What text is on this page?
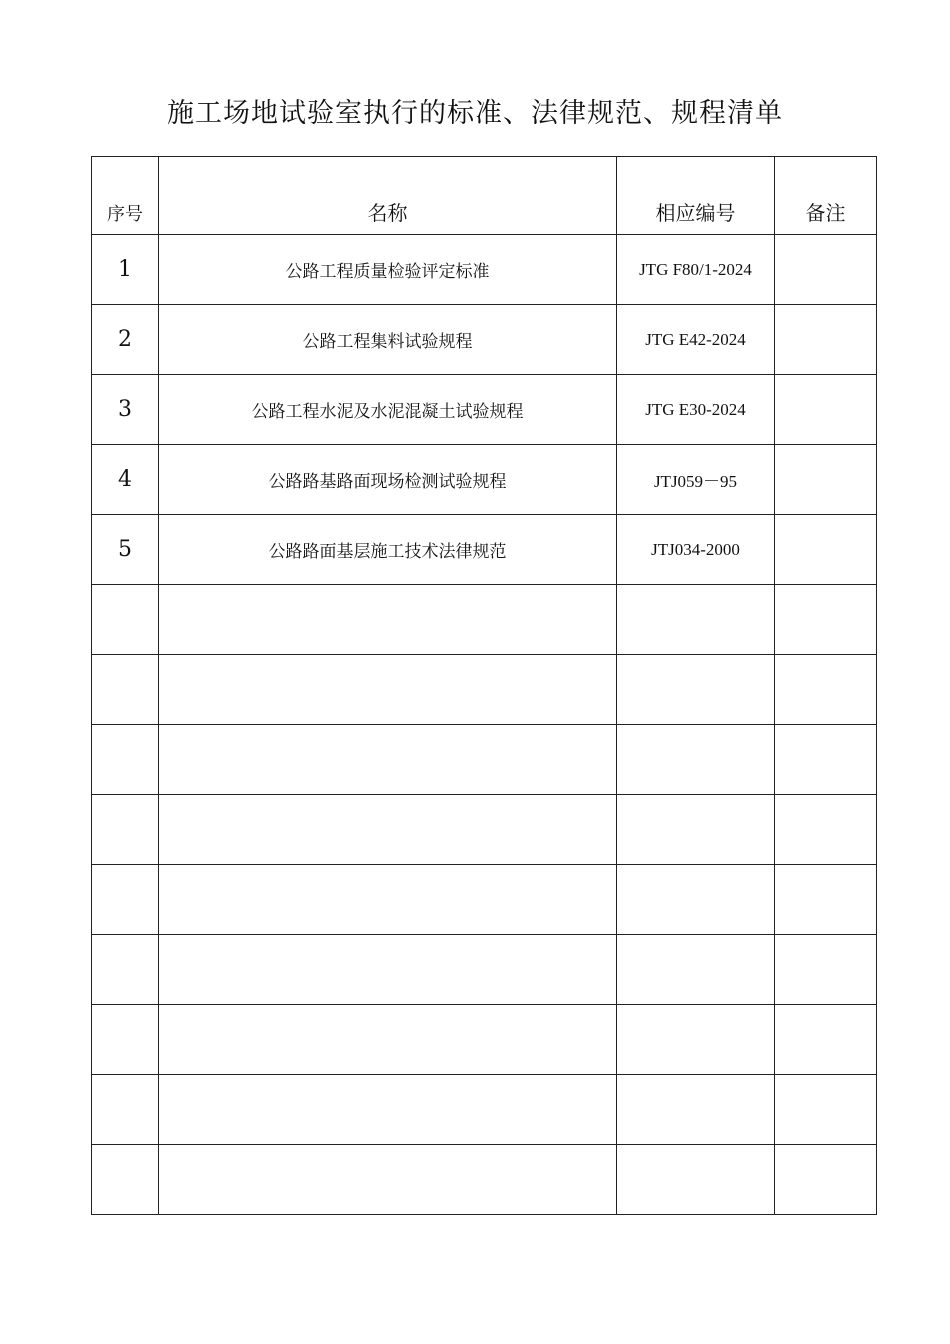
施工场地试验室执行的标准、法律规范、规程清单
序号	名称	相应编号	备注
1	公路工程质量检验评定标准	JTG F80/1-2024	
2	公路工程集料试验规程	JTG E42-2024	
3	公路工程水泥及水泥混凝土试验规程	JTG E30-2024	
4	公路路基路面现场检测试验规程	JTJ059－95	
5	公路路面基层施工技术法律规范	JTJ034-2000	
